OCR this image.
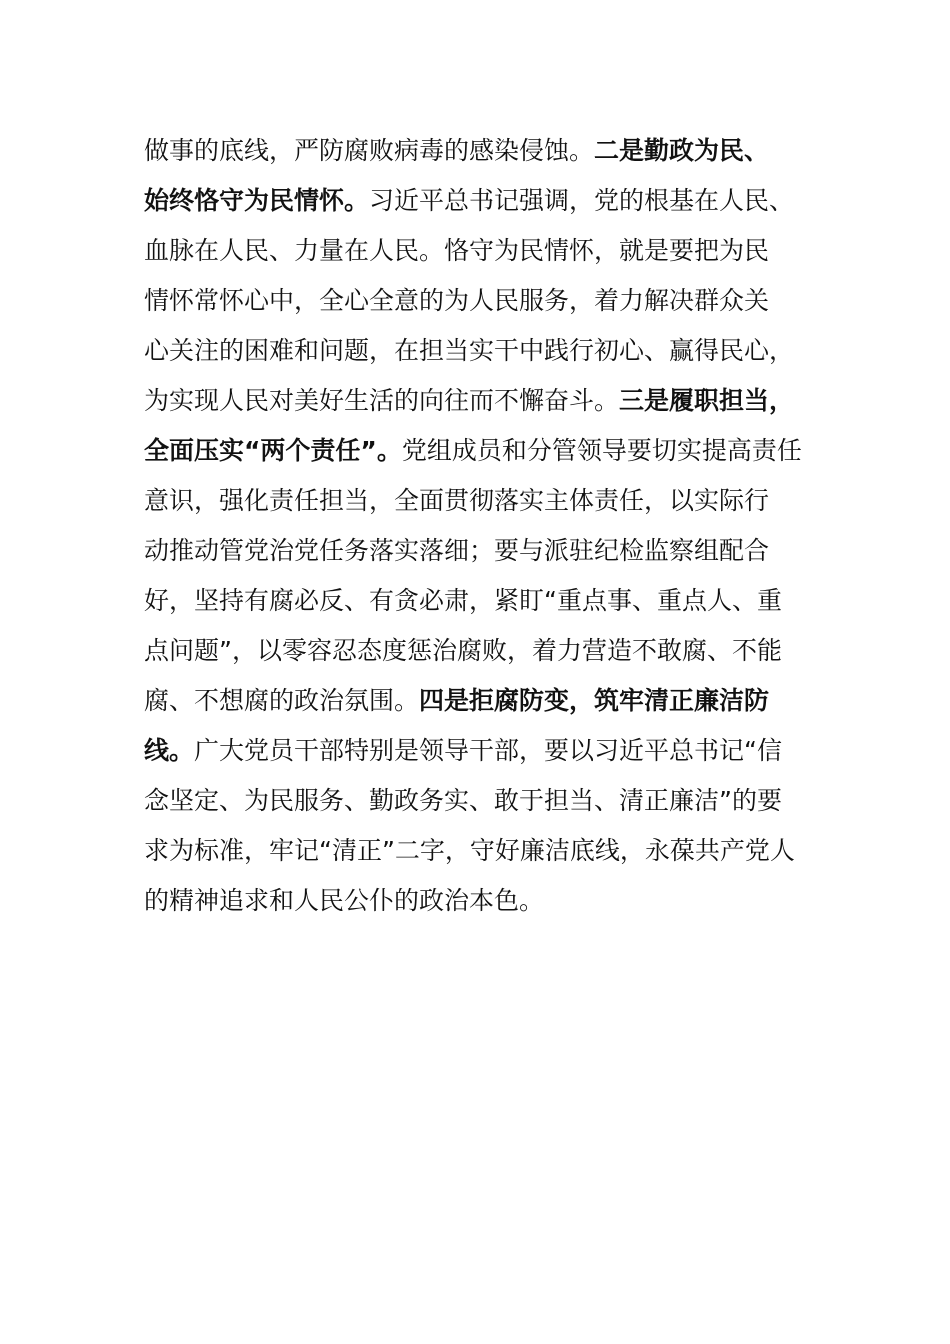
做事的底线，严防腐败病毒的感染侵蚀。二是勤政为民、
始终恪守为民情怀。习近平总书记强调，党的根基在人民、
血脉在人民、力量在人民。恪守为民情怀，就是要把为民
情怀常怀心中，全心全意的为人民服务，着力解决群众关
心关注的困难和问题，在担当实干中践行初心、赢得民心，
为实现人民对美好生活的向往而不懈奋斗。三是履职担当，
全面压实“两个责任”。党组成员和分管领导要切实提高责任
意识，强化责任担当，全面贯彻落实主体责任，以实际行
动推动管党治党任务落实落细；要与派驻纪检监察组配合
好，坚持有腐必反、有贪必肃，紧盯“重点事、重点人、重
点问题”，以零容忍态度惩治腐败，着力营造不敢腐、不能
腐、不想腐的政治氛围。四是拒腐防变，筑牢清正廉洁防
线。广大党员干部特别是领导干部，要以习近平总书记“信
念坚定、为民服务、勤政务实、敢于担当、清正廉洁”的要
求为标准，牢记“清正”二字，守好廉洁底线，永葆共产党人
的精神追求和人民公仆的政治本色。
